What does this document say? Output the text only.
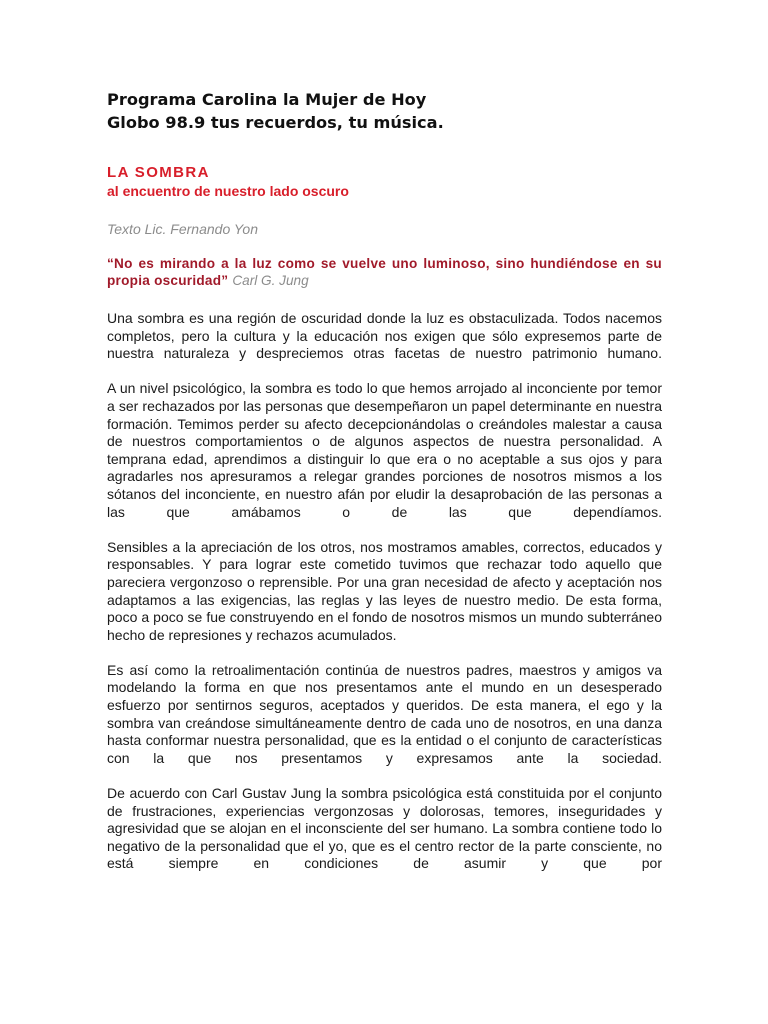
Programa Carolina la Mujer de Hoy

Globo 98.9 tus recuerdos, tu música.

LA SOMBRA

al encuentro de nuestro lado oscuro

Texto Lic. Fernando Yon

“No es mirando a la luz como se vuelve uno luminoso, sino hundiéndose en su propia oscuridad” Carl G. Jung

Una sombra es una región de oscuridad donde la luz es obstaculizada. Todos nacemos completos, pero la cultura y la educación nos exigen que sólo expresemos parte de nuestra naturaleza y despreciemos otras facetas de nuestro patrimonio humano.

A un nivel psicológico, la sombra es todo lo que hemos arrojado al inconciente por temor a ser rechazados por las personas que desempeñaron un papel determinante en nuestra formación. Temimos perder su afecto decepcionándolas o creándoles malestar a causa de nuestros comportamientos o de algunos aspectos de nuestra personalidad. A temprana edad, aprendimos a distinguir lo que era o no aceptable a sus ojos y para agradarles nos apresuramos a relegar grandes porciones de nosotros mismos a los sótanos del inconciente, en nuestro afán por eludir la desaprobación de las personas a las que amábamos o de las que dependíamos.

Sensibles a la apreciación de los otros, nos mostramos amables, correctos, educados y responsables. Y para lograr este cometido tuvimos que rechazar todo aquello que pareciera vergonzoso o reprensible. Por una gran necesidad de afecto y aceptación nos adaptamos a las exigencias, las reglas y las leyes de nuestro medio. De esta forma, poco a poco se fue construyendo en el fondo de nosotros mismos un mundo subterráneo hecho de represiones y rechazos acumulados.

Es así como la retroalimentación continúa de nuestros padres, maestros y amigos va modelando la forma en que nos presentamos ante el mundo en un desesperado esfuerzo por sentirnos seguros, aceptados y queridos. De esta manera, el ego y la sombra van creándose simultáneamente dentro de cada uno de nosotros, en una danza hasta conformar nuestra personalidad, que es la entidad o el conjunto de características con la que nos presentamos y expresamos ante la sociedad.

De acuerdo con Carl Gustav Jung la sombra psicológica está constituida por el conjunto de frustraciones, experiencias vergonzosas y dolorosas, temores, inseguridades y agresividad que se alojan en el inconsciente del ser humano. La sombra contiene todo lo negativo de la personalidad que el yo, que es el centro rector de la parte consciente, no está siempre en condiciones de asumir y que por
